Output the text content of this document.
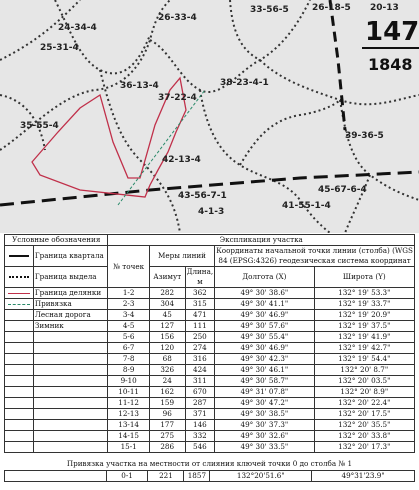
33-56-5	26-18-5 20-13
26-33-4
24-34-4
25-31-4
35-55-4
36-13-4
37-22-4
38-23-4-1
42-13-4
43-56-7-1
41-55-1-4
45-67-6-4
39-36-5
4-1-3
147
1848
Условные обозначения		Экспликация участка				

	Граница квартала	№ точек	Меры линий		Координаты начальной точки линии (столба) (WGS 84 (EPSG:4326) геодезическая система координат	
			Азимут	Длина, м	Долгота (X)	Широта (Y)

	Граница выдела					

	Граница делянки	1-2	282	362	49° 30' 38.6"	132° 19' 53.3"

	Привязка	2-3	304	315	49° 30' 41.1"	132° 19' 33.7"
	Лесная дорога	3-4	45	471	49° 30' 46.9"	132° 19' 20.9"
	Зимник	4-5	127	111	49° 30' 57.6"	132° 19' 37.5"
		5-6	156	250	49° 30' 55.4"	132° 19' 41.9"
		6-7	120	274	49° 30' 46.9"	132° 19' 42.7"
		7-8	68	316	49° 30' 42.3"	132° 19' 54.4"
		8-9	326	424	49° 30' 46.1"	132° 20' 8.7"
		9-10	24	311	49° 30' 58.7"	132° 20' 03.5"
		10-11	162	670	49° 31' 07.8"	132° 20' 8.9"
		11-12	159	287	49° 30' 47.2"	132° 20' 22.4"
		12-13	96	371	49° 30' 38.5"	132° 20' 17.5"
		13-14	177	146	49° 30' 37.3"	132° 20' 35.5"
		14-15	275	332	49° 30' 32.6"	132° 20' 33.8"
		15-1	286	546	49° 30' 33.5"	132° 20' 17.3"
Привязка участка на местности от слияния ключей точки 0 до столба № 1
	0-1	221	1857	132°20'51.6"	49°31'23.9"
